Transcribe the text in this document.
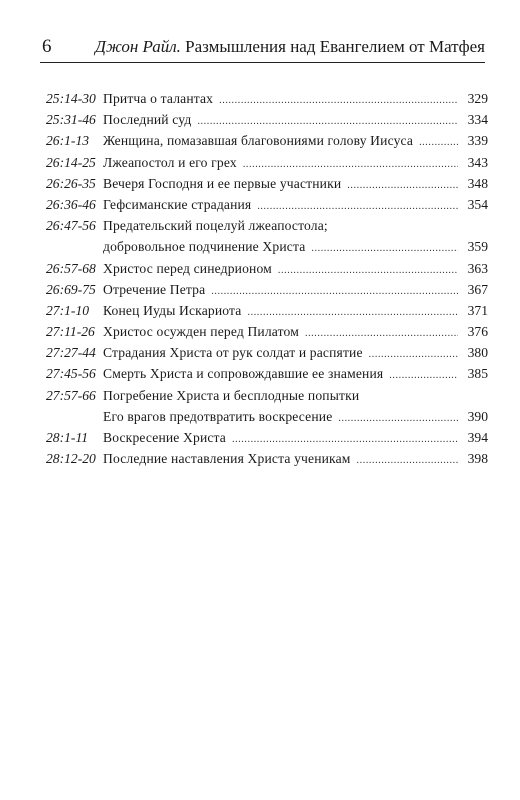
6	Джон Райл. Размышления над Евангелием от Матфея
25:14-30 Притча о талантах .....	329
25:31-46 Последний суд .....	334
26:1-13	Женщина, помазавшая благовониями голову Иисуса .....	339
26:14-25 Лжеапостол и его грех .....	343
26:26-35 Вечеря Господня и ее первые участники .....	348
26:36-46 Гефсиманские страдания .....	354
26:47-56 Предательский поцелуй лжеапостола;
добровольное подчинение Христа .....	359
26:57-68 Христос перед синедрионом .....	363
26:69-75 Отречение Петра .....	367
27:1-10	Конец Иуды Искариота .....	371
27:11-26 Христос осужден перед Пилатом .....	376
27:27-44 Страдания Христа от рук солдат и распятие .....	380
27:45-56 Смерть Христа и сопровождавшие ее знамения .....	385
27:57-66 Погребение Христа и бесплодные попытки
Его врагов предотвратить воскресение .....	390
28:1-11	Воскресение Христа .....	394
28:12-20 Последние наставления Христа ученикам .....	398
